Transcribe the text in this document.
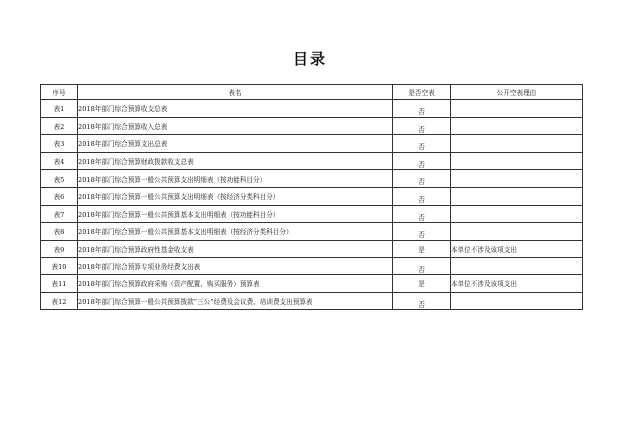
目录
序号	表名	是否空表	公开空表理由
表1	2018年部门综合预算收支总表	否	
表2	2018年部门综合预算收入总表	否	
表3	2018年部门综合预算支出总表	否	
表4	2018年部门综合预算财政拨款收支总表	否	
表5	2018年部门综合预算一般公共预算支出明细表（按功能科目分）	否	
表6	2018年部门综合预算一般公共预算支出明细表（按经济分类科目分）	否	
表7	2018年部门综合预算一般公共预算基本支出明细表（按功能科目分）	否	
表8	2018年部门综合预算一般公共预算基本支出明细表（按经济分类科目分）	否	
表9	2018年部门综合预算政府性基金收支表	是	本单位不涉及该项支出
表10	2018年部门综合预算专项业务经费支出表	否	
表11	2018年部门综合预算政府采购（资产配置、购买服务）预算表	是	本单位不涉及该项支出
表12	2018年部门综合预算一般公共预算拨款“三公”经费及会议费、培训费支出预算表	否	
